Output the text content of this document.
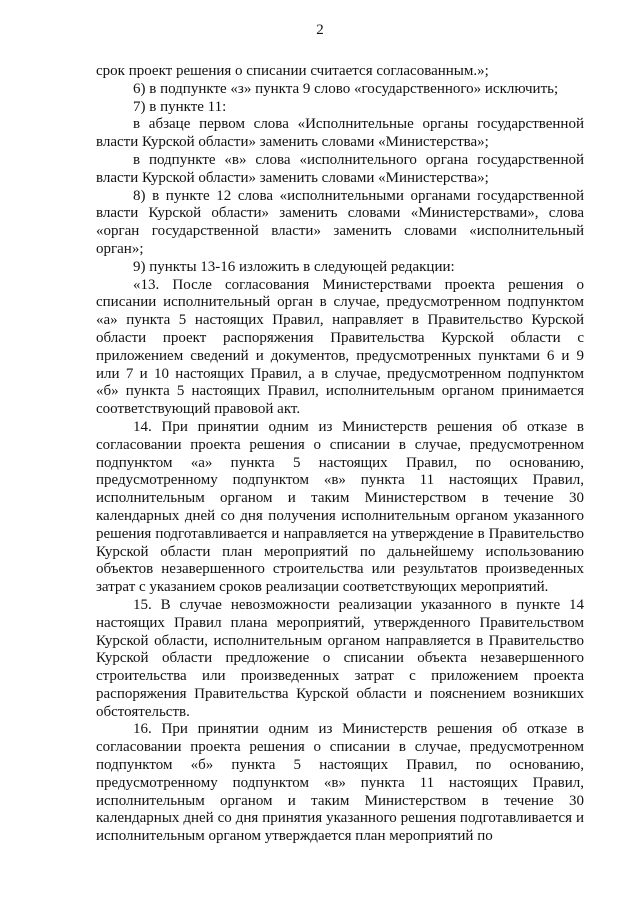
2

срок проект решения о списании считается согласованным.»;

6) в подпункте «з» пункта 9 слово «государственного» исключить;

7) в пункте 11:

в абзаце первом слова «Исполнительные органы государственной власти Курской области» заменить словами «Министерства»;

в подпункте «в» слова «исполнительного органа государственной власти Курской области» заменить словами «Министерства»;

8) в пункте 12 слова «исполнительными органами государственной власти Курской области» заменить словами «Министерствами», слова «орган государственной власти» заменить словами «исполнительный орган»;

9) пункты 13-16 изложить в следующей редакции:

«13. После согласования Министерствами проекта решения о списании исполнительный орган в случае, предусмотренном подпунктом «а» пункта 5 настоящих Правил, направляет в Правительство Курской области проект распоряжения Правительства Курской области с приложением сведений и документов, предусмотренных пунктами 6 и 9 или 7 и 10 настоящих Правил, а в случае, предусмотренном подпунктом «б» пункта 5 настоящих Правил, исполнительным органом принимается соответствующий правовой акт.

14. При принятии одним из Министерств решения об отказе в согласовании проекта решения о списании в случае, предусмотренном подпунктом «а» пункта 5 настоящих Правил, по основанию, предусмотренному подпунктом «в» пункта 11 настоящих Правил, исполнительным органом и таким Министерством в течение 30 календарных дней со дня получения исполнительным органом указанного решения подготавливается и направляется на утверждение в Правительство Курской области план мероприятий по дальнейшему использованию объектов незавершенного строительства или результатов произведенных затрат с указанием сроков реализации соответствующих мероприятий.

15. В случае невозможности реализации указанного в пункте 14 настоящих Правил плана мероприятий, утвержденного Правительством Курской области, исполнительным органом направляется в Правительство Курской области предложение о списании объекта незавершенного строительства или произведенных затрат с приложением проекта распоряжения Правительства Курской области и пояснением возникших обстоятельств.

16. При принятии одним из Министерств решения об отказе в согласовании проекта решения о списании в случае, предусмотренном подпунктом «б» пункта 5 настоящих Правил, по основанию, предусмотренному подпунктом «в» пункта 11 настоящих Правил, исполнительным органом и таким Министерством в течение 30 календарных дней со дня принятия указанного решения подготавливается и исполнительным органом утверждается план мероприятий по
